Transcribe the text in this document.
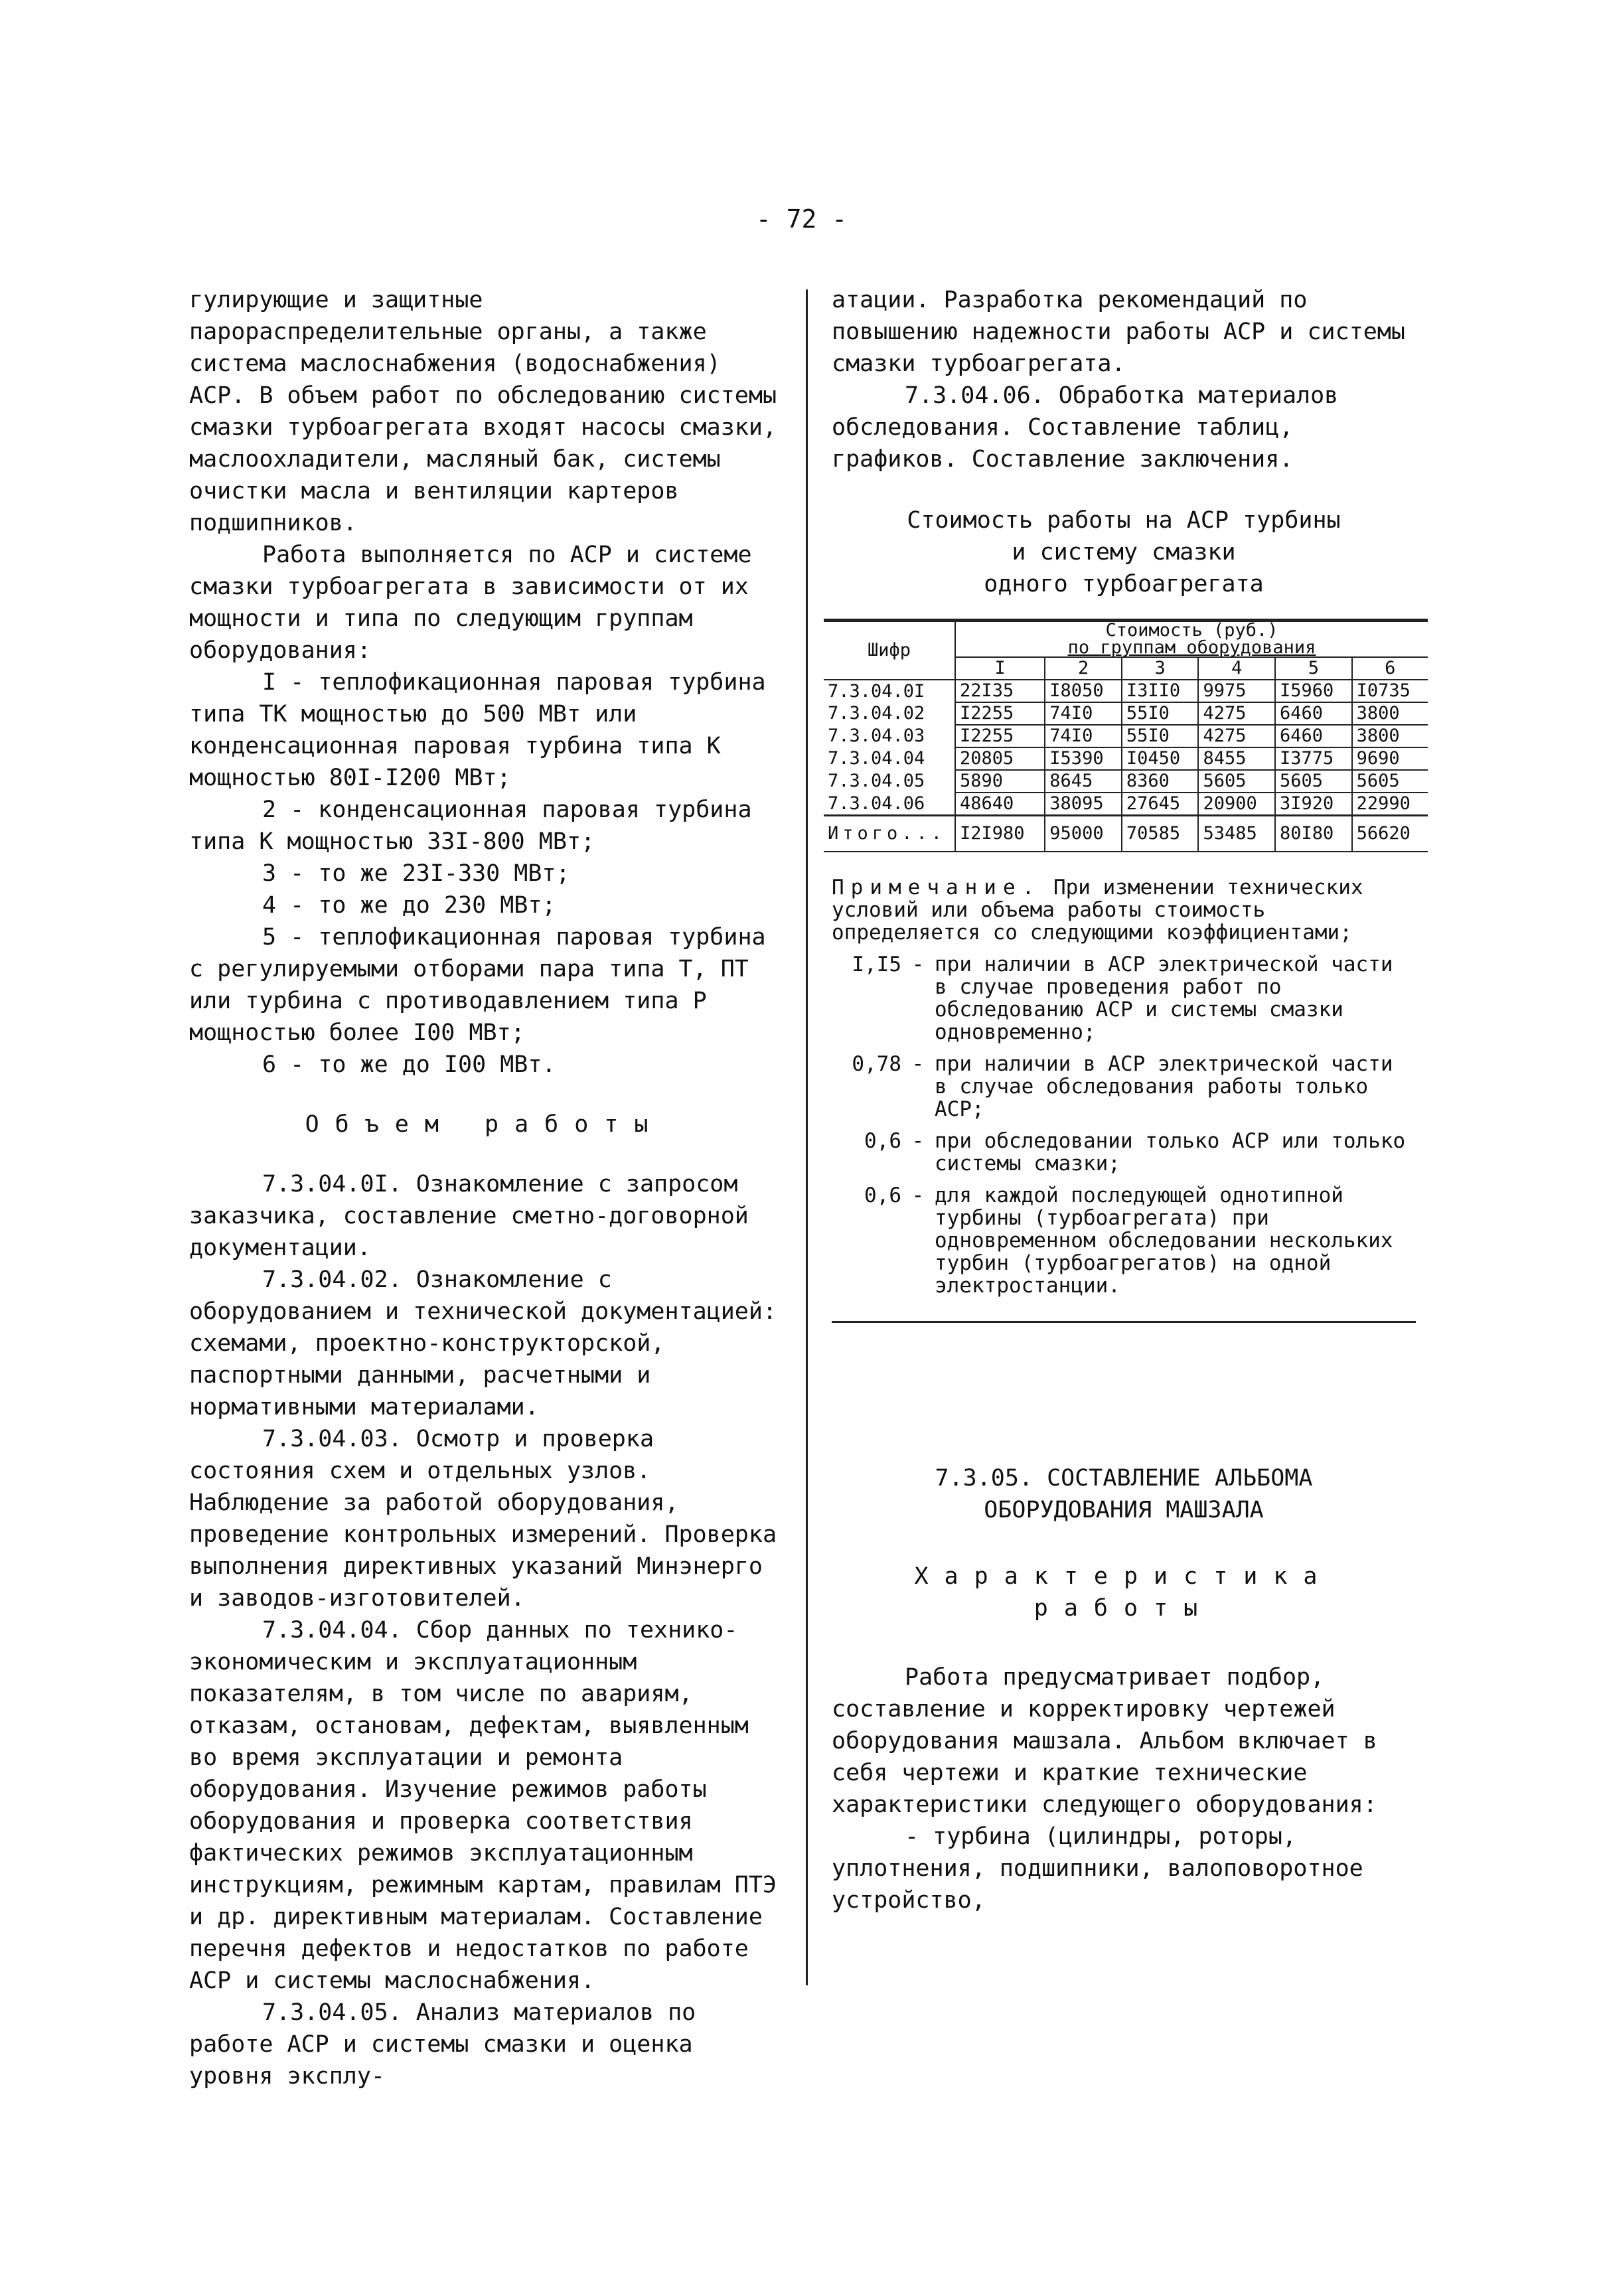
- 72 -

гулирующие и защитные парораспределительные органы, а также система маслоснабжения (водоснабжения) АСР. В объем работ по обследованию системы смазки турбоагрегата входят насосы смазки, маслоохладители, масляный бак, системы очистки масла и вентиляции картеров подшипников.

Работа выполняется по АСР и системе смазки турбоагрегата в зависимости от их мощности и типа по следующим группам оборудования:

I - теплофикационная паровая турбина типа ТК мощностью до 500 МВт или конденсационная паровая турбина типа К мощностью 80I-I200 МВт;

2 - конденсационная паровая турбина типа К мощностью 33I-800 МВт;

3 - то же 23I-330 МВт;

4 - то же до 230 МВт;

5 - теплофикационная паровая турбина с регулируемыми отборами пара типа Т, ПТ или турбина с противодавлением типа Р мощностью более I00 МВт;

6 - то же до I00 МВт.

Объем работы

7.3.04.0I. Ознакомление с запросом заказчика, составление сметно-договорной документации.

7.3.04.02. Ознакомление с оборудованием и технической документацией: схемами, проектно-конструкторской, паспортными данными, расчетными и нормативными материалами.

7.3.04.03. Осмотр и проверка состояния схем и отдельных узлов. Наблюдение за работой оборудования, проведение контрольных измерений. Проверка выполнения директивных указаний Минэнерго и заводов-изготовителей.

7.3.04.04. Сбор данных по технико-экономическим и эксплуатационным показателям, в том числе по авариям, отказам, остановам, дефектам, выявленным во время эксплуатации и ремонта оборудования. Изучение режимов работы оборудования и проверка соответствия фактических режимов эксплуатационным инструкциям, режимным картам, правилам ПТЭ и др. директивным материалам. Составление перечня дефектов и недостатков по работе АСР и системы маслоснабжения.

7.3.04.05. Анализ материалов по работе АСР и системы смазки и оценка уровня эксплу-

атации. Разработка рекомендаций по повышению надежности работы АСР и системы смазки турбоагрегата.

7.3.04.06. Обработка материалов обследования. Составление таблиц, графиков. Составление заключения.

Стоимость работы на АСР турбины

и систему смазки

одного турбоагрегата

Шифр	Стоимость (руб.)
по группам оборудования					

	I	2	3	4	5	6
7.3.04.0I	22I35	I8050	I3II0	9975	I5960	I0735
7.3.04.02	I2255	74I0	55I0	4275	6460	3800
7.3.04.03	I2255	74I0	55I0	4275	6460	3800
7.3.04.04	20805	I5390	I0450	8455	I3775	9690
7.3.04.05	5890	8645	8360	5605	5605	5605
7.3.04.06	48640	38095	27645	20900	3I920	22990
Итого...	I2I980	95000	70585	53485	80I80	56620

Примечание. При изменении технических условий или объема работы стоимость определяется со следующими коэффициентами;

I,I5 - при наличии в АСР электрической части в случае проведения работ по обследованию АСР и системы смазки одновременно;
0,78 - при наличии в АСР электрической части в случае обследования работы только АСР;
0,6 - при обследовании только АСР или только системы смазки;
0,6 - для каждой последующей однотипной турбины (турбоагрегата) при одновременном обследовании нескольких турбин (турбоагрегатов) на одной электростанции.

7.3.05. СОСТАВЛЕНИЕ АЛЬБОМА

ОБОРУДОВАНИЯ МАШЗАЛА

Характеристика

работы

Работа предусматривает подбор, составление и корректировку чертежей оборудования машзала. Альбом включает в себя чертежи и краткие технические характеристики следующего оборудования:

- турбина (цилиндры, роторы, уплотнения, подшипники, валоповоротное устройство,
